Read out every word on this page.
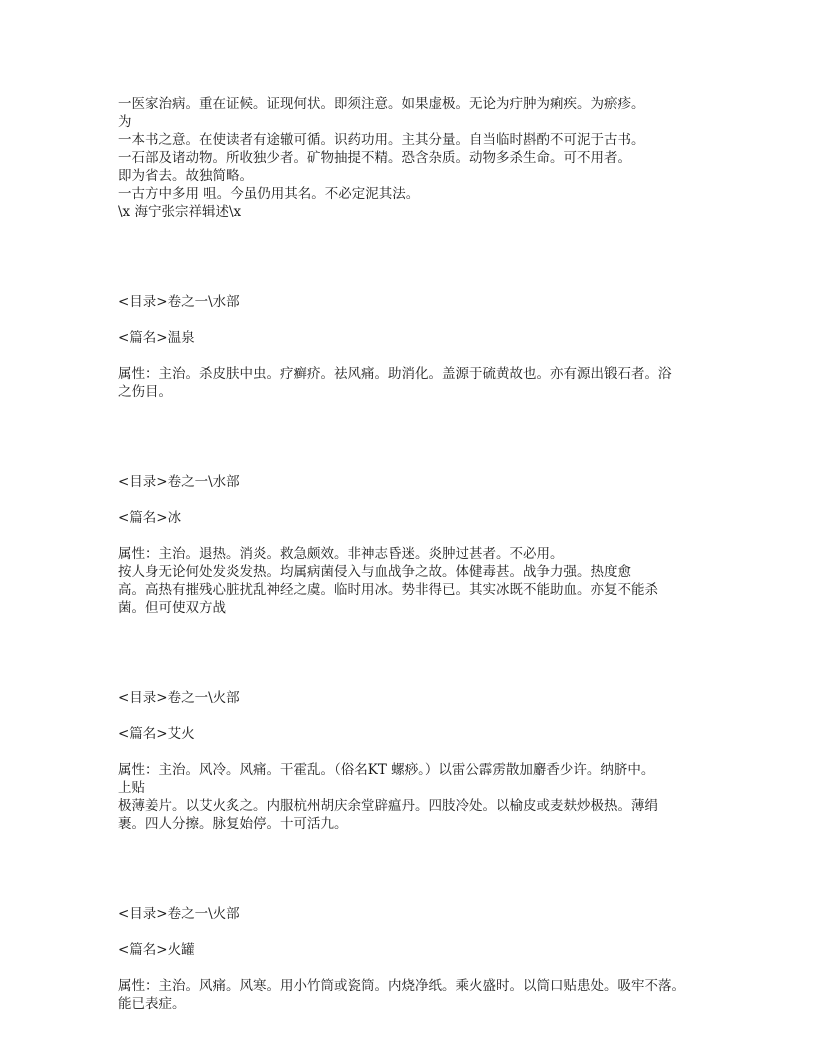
一医家治病。重在证候。证现何状。即须注意。如果虚极。无论为疔肿为痢疾。为瘀疹。

为

一本书之意。在使读者有途辙可循。识药功用。主其分量。自当临时斟酌不可泥于古书。

一石部及诸动物。所收独少者。矿物抽提不精。恐含杂质。动物多杀生命。可不用者。

即为省去。故独简略。

一古方中多用 咀。今虽仍用其名。不必定泥其法。

\x 海宁张宗祥辑述\x

<目录>卷之一\水部

<篇名>温泉

属性：主治。杀皮肤中虫。疗癣疥。祛风痛。助消化。盖源于硫黄故也。亦有源出锻石者。浴

之伤目。

<目录>卷之一\水部

<篇名>冰

属性：主治。退热。消炎。救急颇效。非神志昏迷。炎肿过甚者。不必用。

按人身无论何处发炎发热。均属病菌侵入与血战争之故。体健毒甚。战争力强。热度愈

高。高热有摧残心脏扰乱神经之虞。临时用冰。势非得已。其实冰既不能助血。亦复不能杀

菌。但可使双方战

<目录>卷之一\火部

<篇名>艾火

属性：主治。风冷。风痛。干霍乱。（俗名KT 螺痧。）以雷公霹雳散加麝香少许。纳脐中。

上贴

极薄姜片。以艾火炙之。内服杭州胡庆余堂辟瘟丹。四肢冷处。以榆皮或麦麸炒极热。薄绢

裹。四人分擦。脉复始停。十可活九。

<目录>卷之一\火部

<篇名>火罐

属性：主治。风痛。风寒。用小竹筒或瓷筒。内烧净纸。乘火盛时。以筒口贴患处。吸牢不落。

能已表症。
